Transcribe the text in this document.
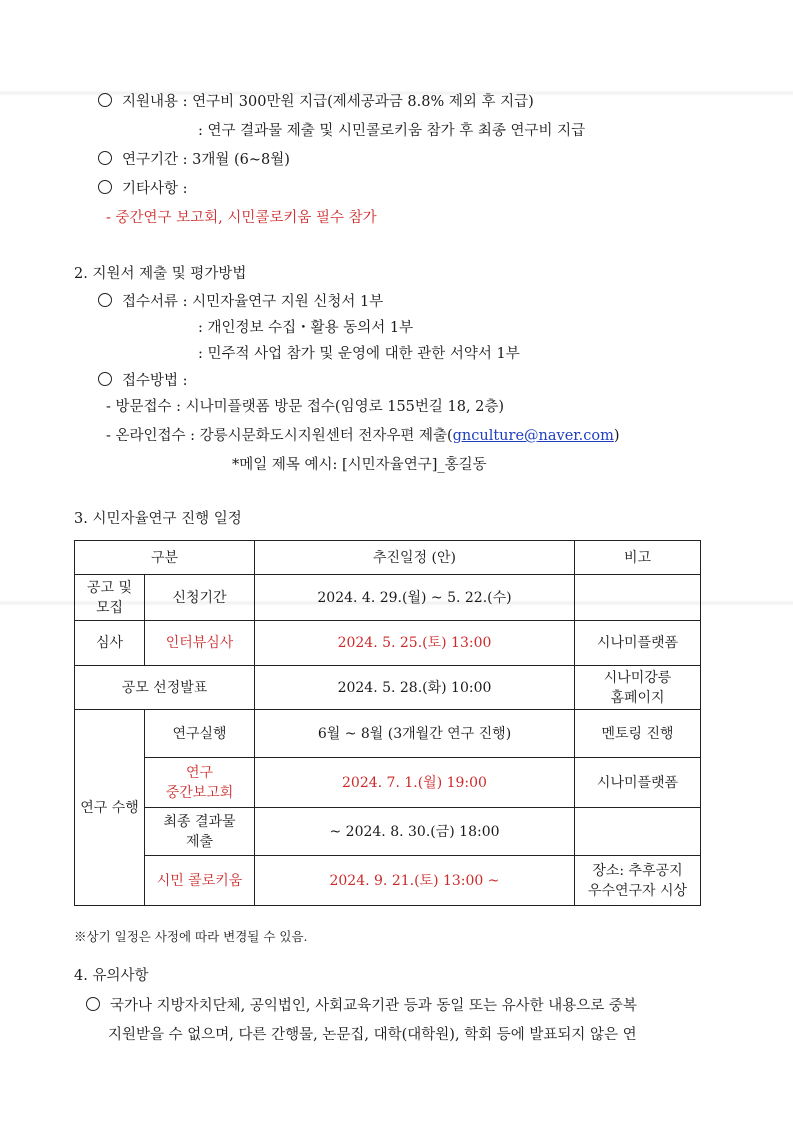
지원내용 : 연구비 300만원 지급(제세공과금 8.8% 제외 후 지급)
: 연구 결과물 제출 및 시민콜로키움 참가 후 최종 연구비 지급
연구기간 : 3개월 (6~8월)
기타사항 :
- 중간연구 보고회, 시민콜로키움 필수 참가
2. 지원서 제출 및 평가방법
접수서류 : 시민자율연구 지원 신청서 1부
: 개인정보 수집・활용 동의서 1부
: 민주적 사업 참가 및 운영에 대한 관한 서약서 1부
접수방법 :
- 방문접수 : 시나미플랫폼 방문 접수(임영로 155번길 18, 2층)
- 온라인접수 : 강릉시문화도시지원센터 전자우편 제출(gnculture@naver.com)
*메일 제목 예시: [시민자율연구]_홍길동
3. 시민자율연구 진행 일정
구분		추진일정 (안)	비고
공고 및
모집	신청기간	2024. 4. 29.(월) ~ 5. 22.(수)	
심사	인터뷰심사	2024. 5. 25.(토) 13:00	시나미플랫폼
공모 선정발표		2024. 5. 28.(화) 10:00	시나미강릉
홈페이지
연구 수행	연구실행	6월 ~ 8월 (3개월간 연구 진행)	멘토링 진행
	연구
중간보고회	2024. 7. 1.(월) 19:00	시나미플랫폼
	최종 결과물
제출	~ 2024. 8. 30.(금) 18:00	
	시민 콜로키움	2024. 9. 21.(토) 13:00 ~	장소: 추후공지
우수연구자 시상
※상기 일정은 사정에 따라 변경될 수 있음.
4. 유의사항
국가나 지방자치단체, 공익법인, 사회교육기관 등과 동일 또는 유사한 내용으로 중복
지원받을 수 없으며, 다른 간행물, 논문집, 대학(대학원), 학회 등에 발표되지 않은 연
